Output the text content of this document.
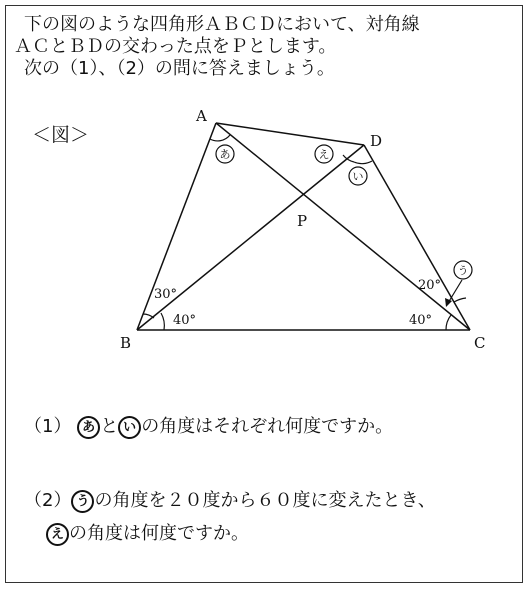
下の図のような四角形ＡＢＣＤにおいて、対角線
ＡＣとＢＤの交わった点をＰとします。
次の（1）、（2）の問に答えましょう。
＜図＞
A
D
B	C
P
30°
40°	40°
20°
あ	え
い
う
（1） あ と い の角度はそれぞれ何度ですか。
（2） う の角度を２０度から６０度に変えたとき、
え の角度は何度ですか。
